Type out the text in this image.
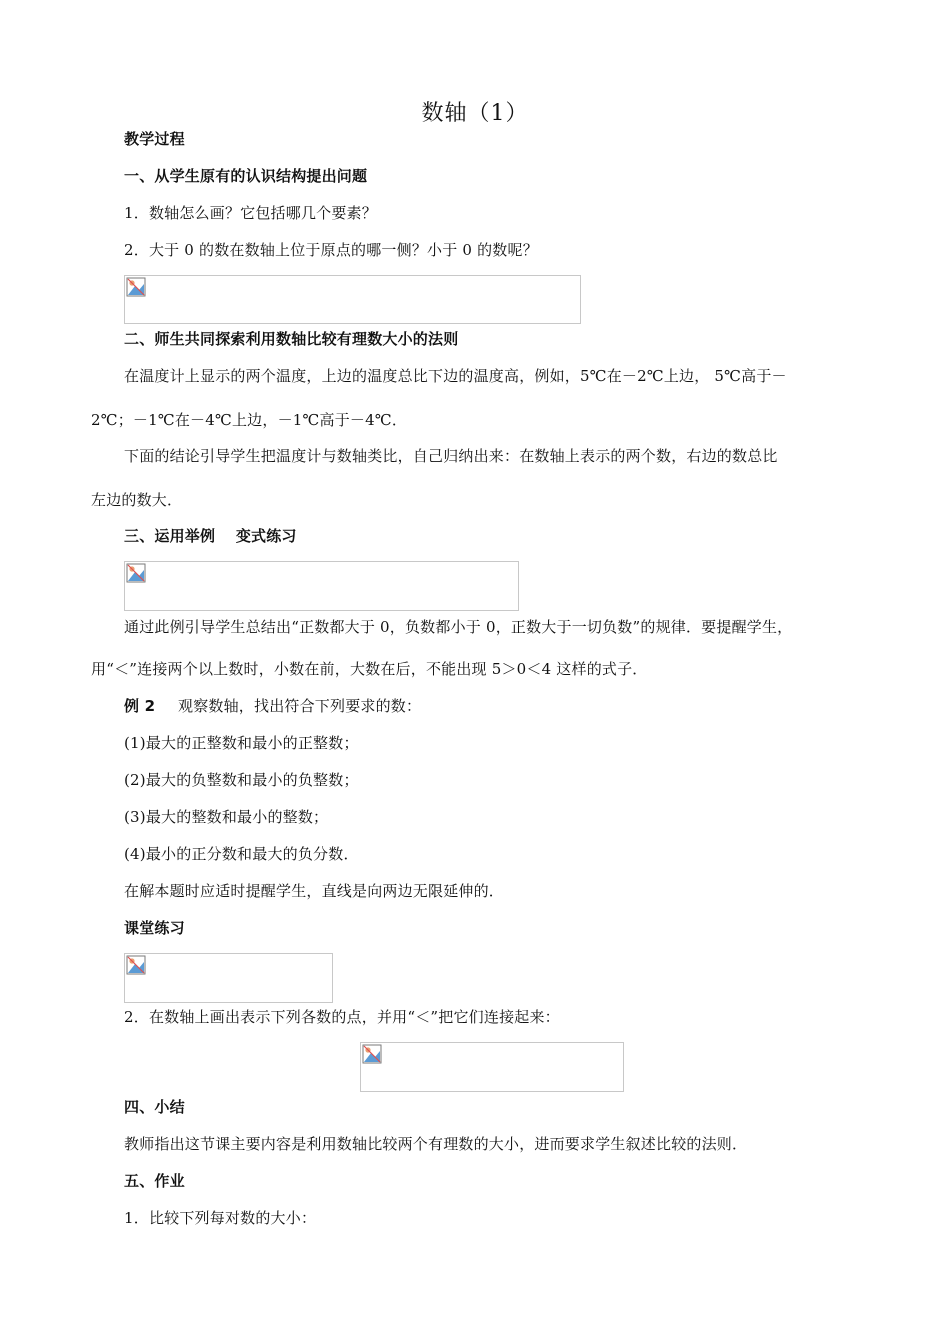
数轴（1）
教学过程
一、从学生原有的认识结构提出问题
1．数轴怎么画？它包括哪几个要素？
2．大于 0 的数在数轴上位于原点的哪一侧？小于 0 的数呢？
二、师生共同探索利用数轴比较有理数大小的法则
在温度计上显示的两个温度，上边的温度总比下边的温度高，例如，5℃在－2℃上边， 5℃高于－
2℃；－1℃在－4℃上边，－1℃高于－4℃．
下面的结论引导学生把温度计与数轴类比，自己归纳出来：在数轴上表示的两个数，右边的数总比
左边的数大．
三、运用举例　 变式练习
通过此例引导学生总结出“正数都大于 0，负数都小于 0，正数大于一切负数”的规律．要提醒学生，
用“＜”连接两个以上数时，小数在前，大数在后，不能出现 5＞0＜4 这样的式子．
例 2 观察数轴，找出符合下列要求的数：
(1)最大的正整数和最小的正整数；
(2)最大的负整数和最小的负整数；
(3)最大的整数和最小的整数；
(4)最小的正分数和最大的负分数．
在解本题时应适时提醒学生，直线是向两边无限延伸的．
课堂练习
2．在数轴上画出表示下列各数的点，并用“＜”把它们连接起来：
四、小结
教师指出这节课主要内容是利用数轴比较两个有理数的大小，进而要求学生叙述比较的法则．
五、作业
1．比较下列每对数的大小：
